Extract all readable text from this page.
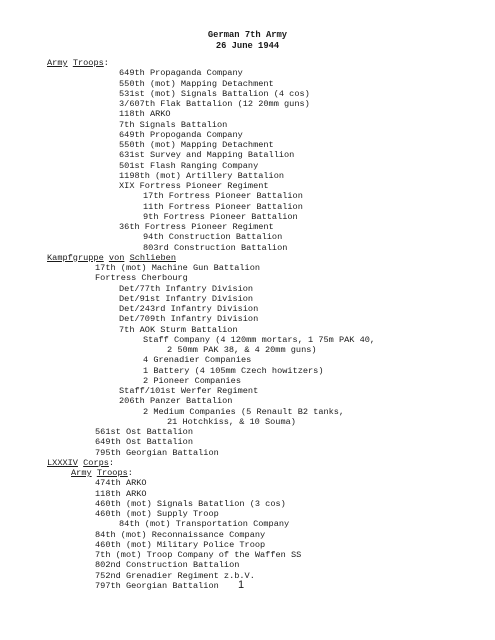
German 7th Army
26 June 1944
Army Troops:
649th Propaganda Company
550th (mot) Mapping Detachment
531st (mot) Signals Battalion (4 cos)
3/607th Flak Battalion (12 20mm guns)
118th ARKO
7th Signals Battalion
649th Propoganda Company
550th (mot) Mapping Detachment
631st Survey and Mapping Batallion
501st Flash Ranging Company
1198th (mot) Artillery Battalion
XIX Fortress Pioneer Regiment
17th Fortress Pioneer Battalion
11th Fortress Pioneer Battalion
9th Fortress Pioneer Battalion
36th Fortress Pioneer Regiment
94th Construction Battalion
803rd Construction Battalion
Kampfgruppe von Schlieben
17th (mot) Machine Gun Battalion
Fortress Cherbourg
Det/77th Infantry Division
Det/91st Infantry Division
Det/243rd Infantry Division
Det/709th Infantry Division
7th AOK Sturm Battalion
Staff Company (4 120mm mortars, 1 75m PAK 40,
2 50mm PAK 38, & 4 20mm guns)
4 Grenadier Companies
1 Battery (4 105mm Czech howitzers)
2 Pioneer Companies
Staff/101st Werfer Regiment
206th Panzer Battalion
2 Medium Companies (5 Renault B2 tanks,
21 Hotchkiss, & 10 Souma)
561st Ost Battalion
649th Ost Battalion
795th Georgian Battalion
LXXXIV Corps:
Army Troops:
474th ARKO
118th ARKO
460th (mot) Signals Batatlion (3 cos)
460th (mot) Supply Troop
84th (mot) Transportation Company
84th (mot) Reconnaissance Company
460th (mot) Military Police Troop
7th (mot) Troop Company of the Waffen SS
802nd Construction Battalion
752nd Grenadier Regiment z.b.V.
797th Georgian Battalion	1
